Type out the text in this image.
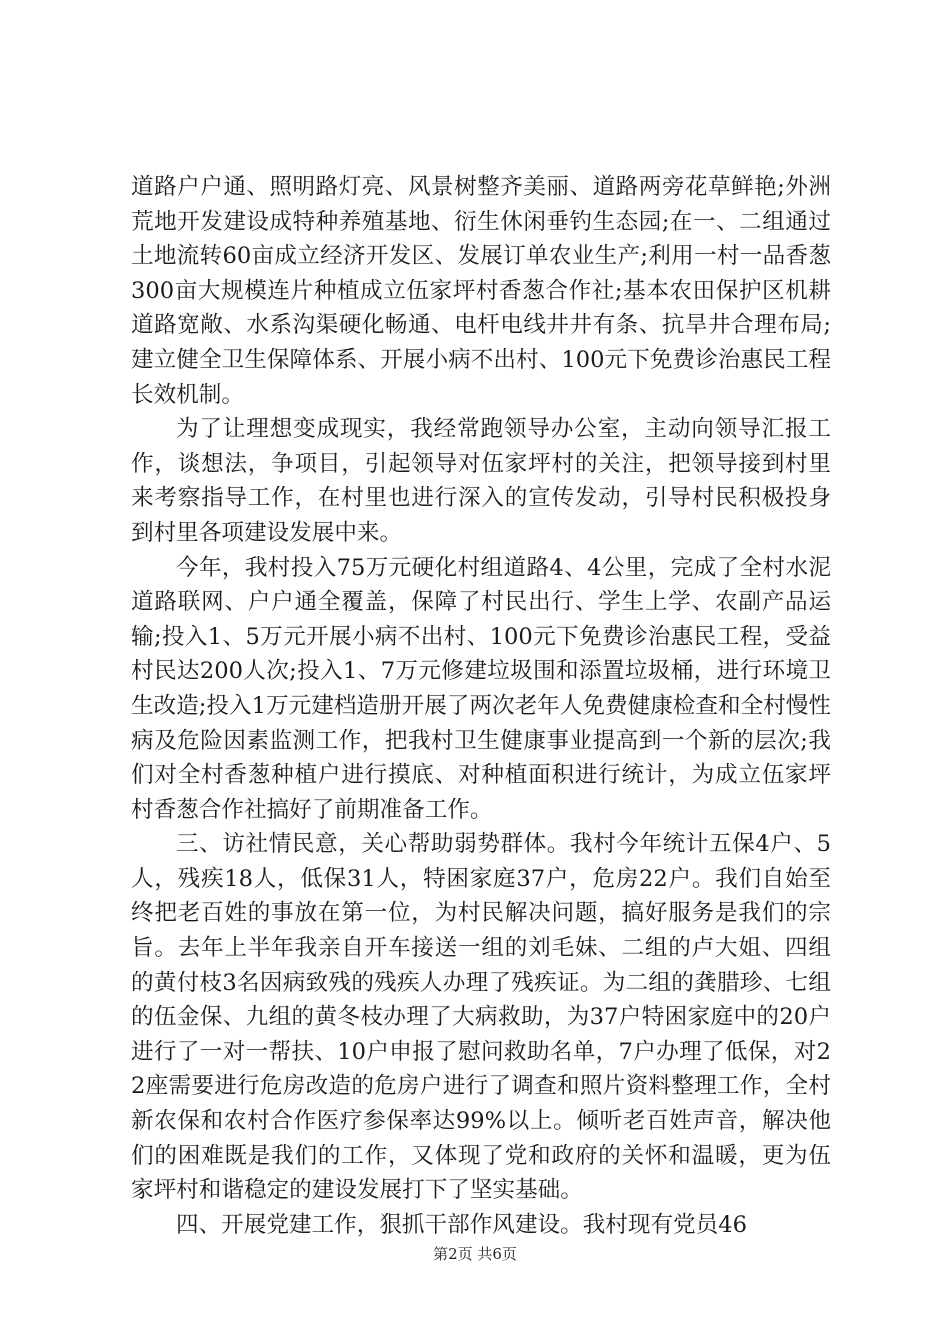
道路户户通、照明路灯亮、风景树整齐美丽、道路两旁花草鲜艳;外洲荒地开发建设成特种养殖基地、衍生休闲垂钓生态园;在一、二组通过土地流转60亩成立经济开发区、发展订单农业生产;利用一村一品香葱300亩大规模连片种植成立伍家坪村香葱合作社;基本农田保护区机耕道路宽敞、水系沟渠硬化畅通、电杆电线井井有条、抗旱井合理布局;建立健全卫生保障体系、开展小病不出村、100元下免费诊治惠民工程长效机制。

为了让理想变成现实，我经常跑领导办公室，主动向领导汇报工作，谈想法，争项目，引起领导对伍家坪村的关注，把领导接到村里来考察指导工作，在村里也进行深入的宣传发动，引导村民积极投身到村里各项建设发展中来。

今年，我村投入75万元硬化村组道路4、4公里，完成了全村水泥道路联网、户户通全覆盖，保障了村民出行、学生上学、农副产品运输;投入1、5万元开展小病不出村、100元下免费诊治惠民工程，受益村民达200人次;投入1、7万元修建垃圾围和添置垃圾桶，进行环境卫生改造;投入1万元建档造册开展了两次老年人免费健康检查和全村慢性病及危险因素监测工作，把我村卫生健康事业提高到一个新的层次;我们对全村香葱种植户进行摸底、对种植面积进行统计，为成立伍家坪村香葱合作社搞好了前期准备工作。

三、访社情民意，关心帮助弱势群体。我村今年统计五保4户、5人，残疾18人，低保31人，特困家庭37户，危房22户。我们自始至终把老百姓的事放在第一位，为村民解决问题，搞好服务是我们的宗旨。去年上半年我亲自开车接送一组的刘毛妹、二组的卢大姐、四组的黄付枝3名因病致残的残疾人办理了残疾证。为二组的龚腊珍、七组的伍金保、九组的黄冬枝办理了大病救助，为37户特困家庭中的20户进行了一对一帮扶、10户申报了慰问救助名单，7户办理了低保，对22座需要进行危房改造的危房户进行了调查和照片资料整理工作，全村新农保和农村合作医疗参保率达99%以上。倾听老百姓声音，解决他们的困难既是我们的工作，又体现了党和政府的关怀和温暖，更为伍家坪村和谐稳定的建设发展打下了坚实基础。

四、开展党建工作，狠抓干部作风建设。我村现有党员46

第2页 共6页
